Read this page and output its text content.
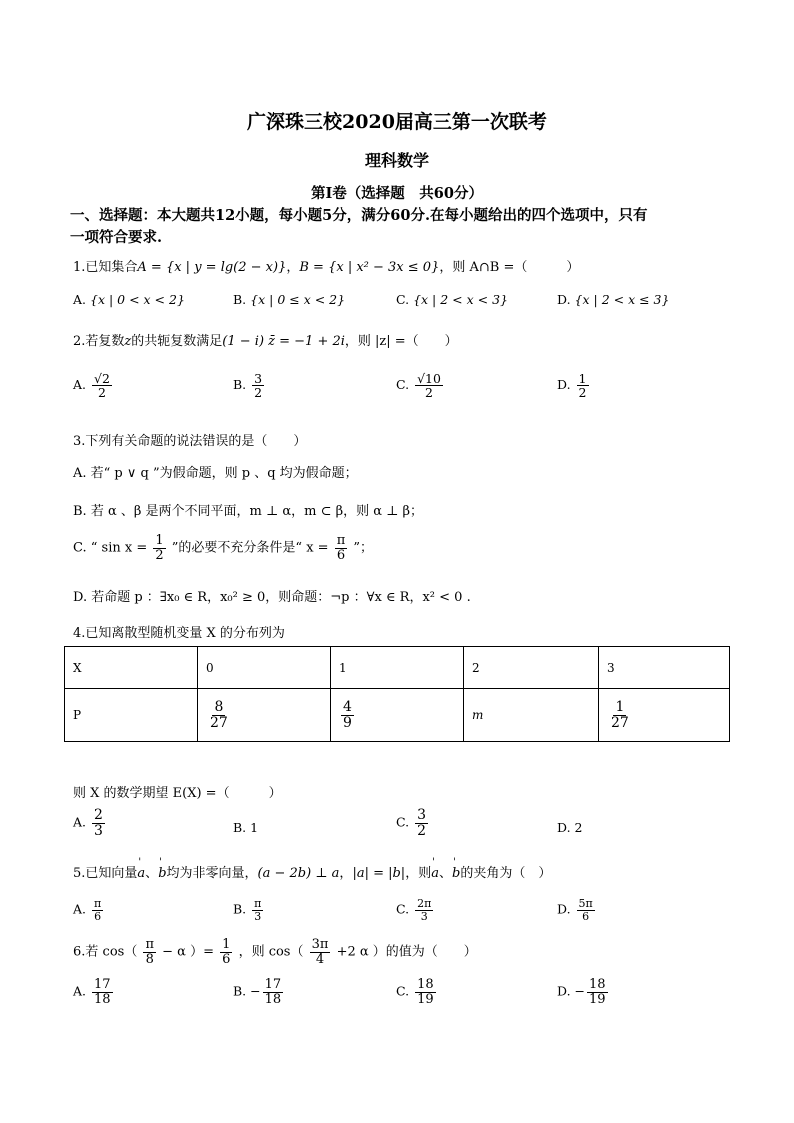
广深珠三校2020届高三第一次联考
理科数学
第Ⅰ卷（选择题　共60分）
一、选择题：本大题共12小题，每小题5分，满分60分.在每小题给出的四个选项中，只有
一项符合要求.
1.已知集合A = {x | y = lg(2 − x)}，B = {x | x² − 3x ≤ 0}，则 A∩B =（　　　）
A. {x | 0 < x < 2}	B. {x | 0 ≤ x < 2}	C. {x | 2 < x < 3}	D. {x | 2 < x ≤ 3}
2.若复数z的共轭复数满足(1 − i) z̄ = −1 + 2i，则 |z| =（　　）
A. $\frac{√2}{2}$	B. $\frac{3}{2}$	C. $\frac{√10}{2}$	D. $\frac{1}{2}$
3.下列有关命题的说法错误的是（　　）
A. 若“ p ∨ q ”为假命题，则 p 、q 均为假命题；
B. 若 α 、β 是两个不同平面，m ⊥ α，m ⊂ β，则 α ⊥ β；
C. “ $\sin x = \frac{1}{2}$ ”的必要不充分条件是“ $x = \frac{\pi}{6}$ ”；
D. 若命题 p ：∃x₀ ∈ R，x₀² ≥ 0，则命题：¬p ：∀x ∈ R，x² < 0 .
4.已知离散型随机变量 X 的分布列为
X	0	1	2	3
P	$\frac{8}{27}$	$\frac{4}{9}$	m	$\frac{1}{27}$
则 X 的数学期望 E(X) =（　　　）
A. $\frac{2}{3}$	B. 1	C. $\frac{3}{2}$	D. 2
5.已知向量' a、' b均为非零向量，(a − 2b) ⊥ a，|a| = |b|，则' a、' b的夹角为（　）
A. $\frac{\pi}{6}$	B. $\frac{\pi}{3}$	C. $\frac{2\pi}{3}$	D. $\frac{5\pi}{6}$
6.若 $\cos( \frac{\pi}{8} - \alpha$ ）= $\frac{1}{6}$ ，则 $\cos( \frac{3\pi}{4} +2$ α ）的值为（　　）
A. $\frac{17}{18}$	B. − $\frac{17}{18}$	C. $\frac{18}{19}$	D. − $\frac{18}{19}$
